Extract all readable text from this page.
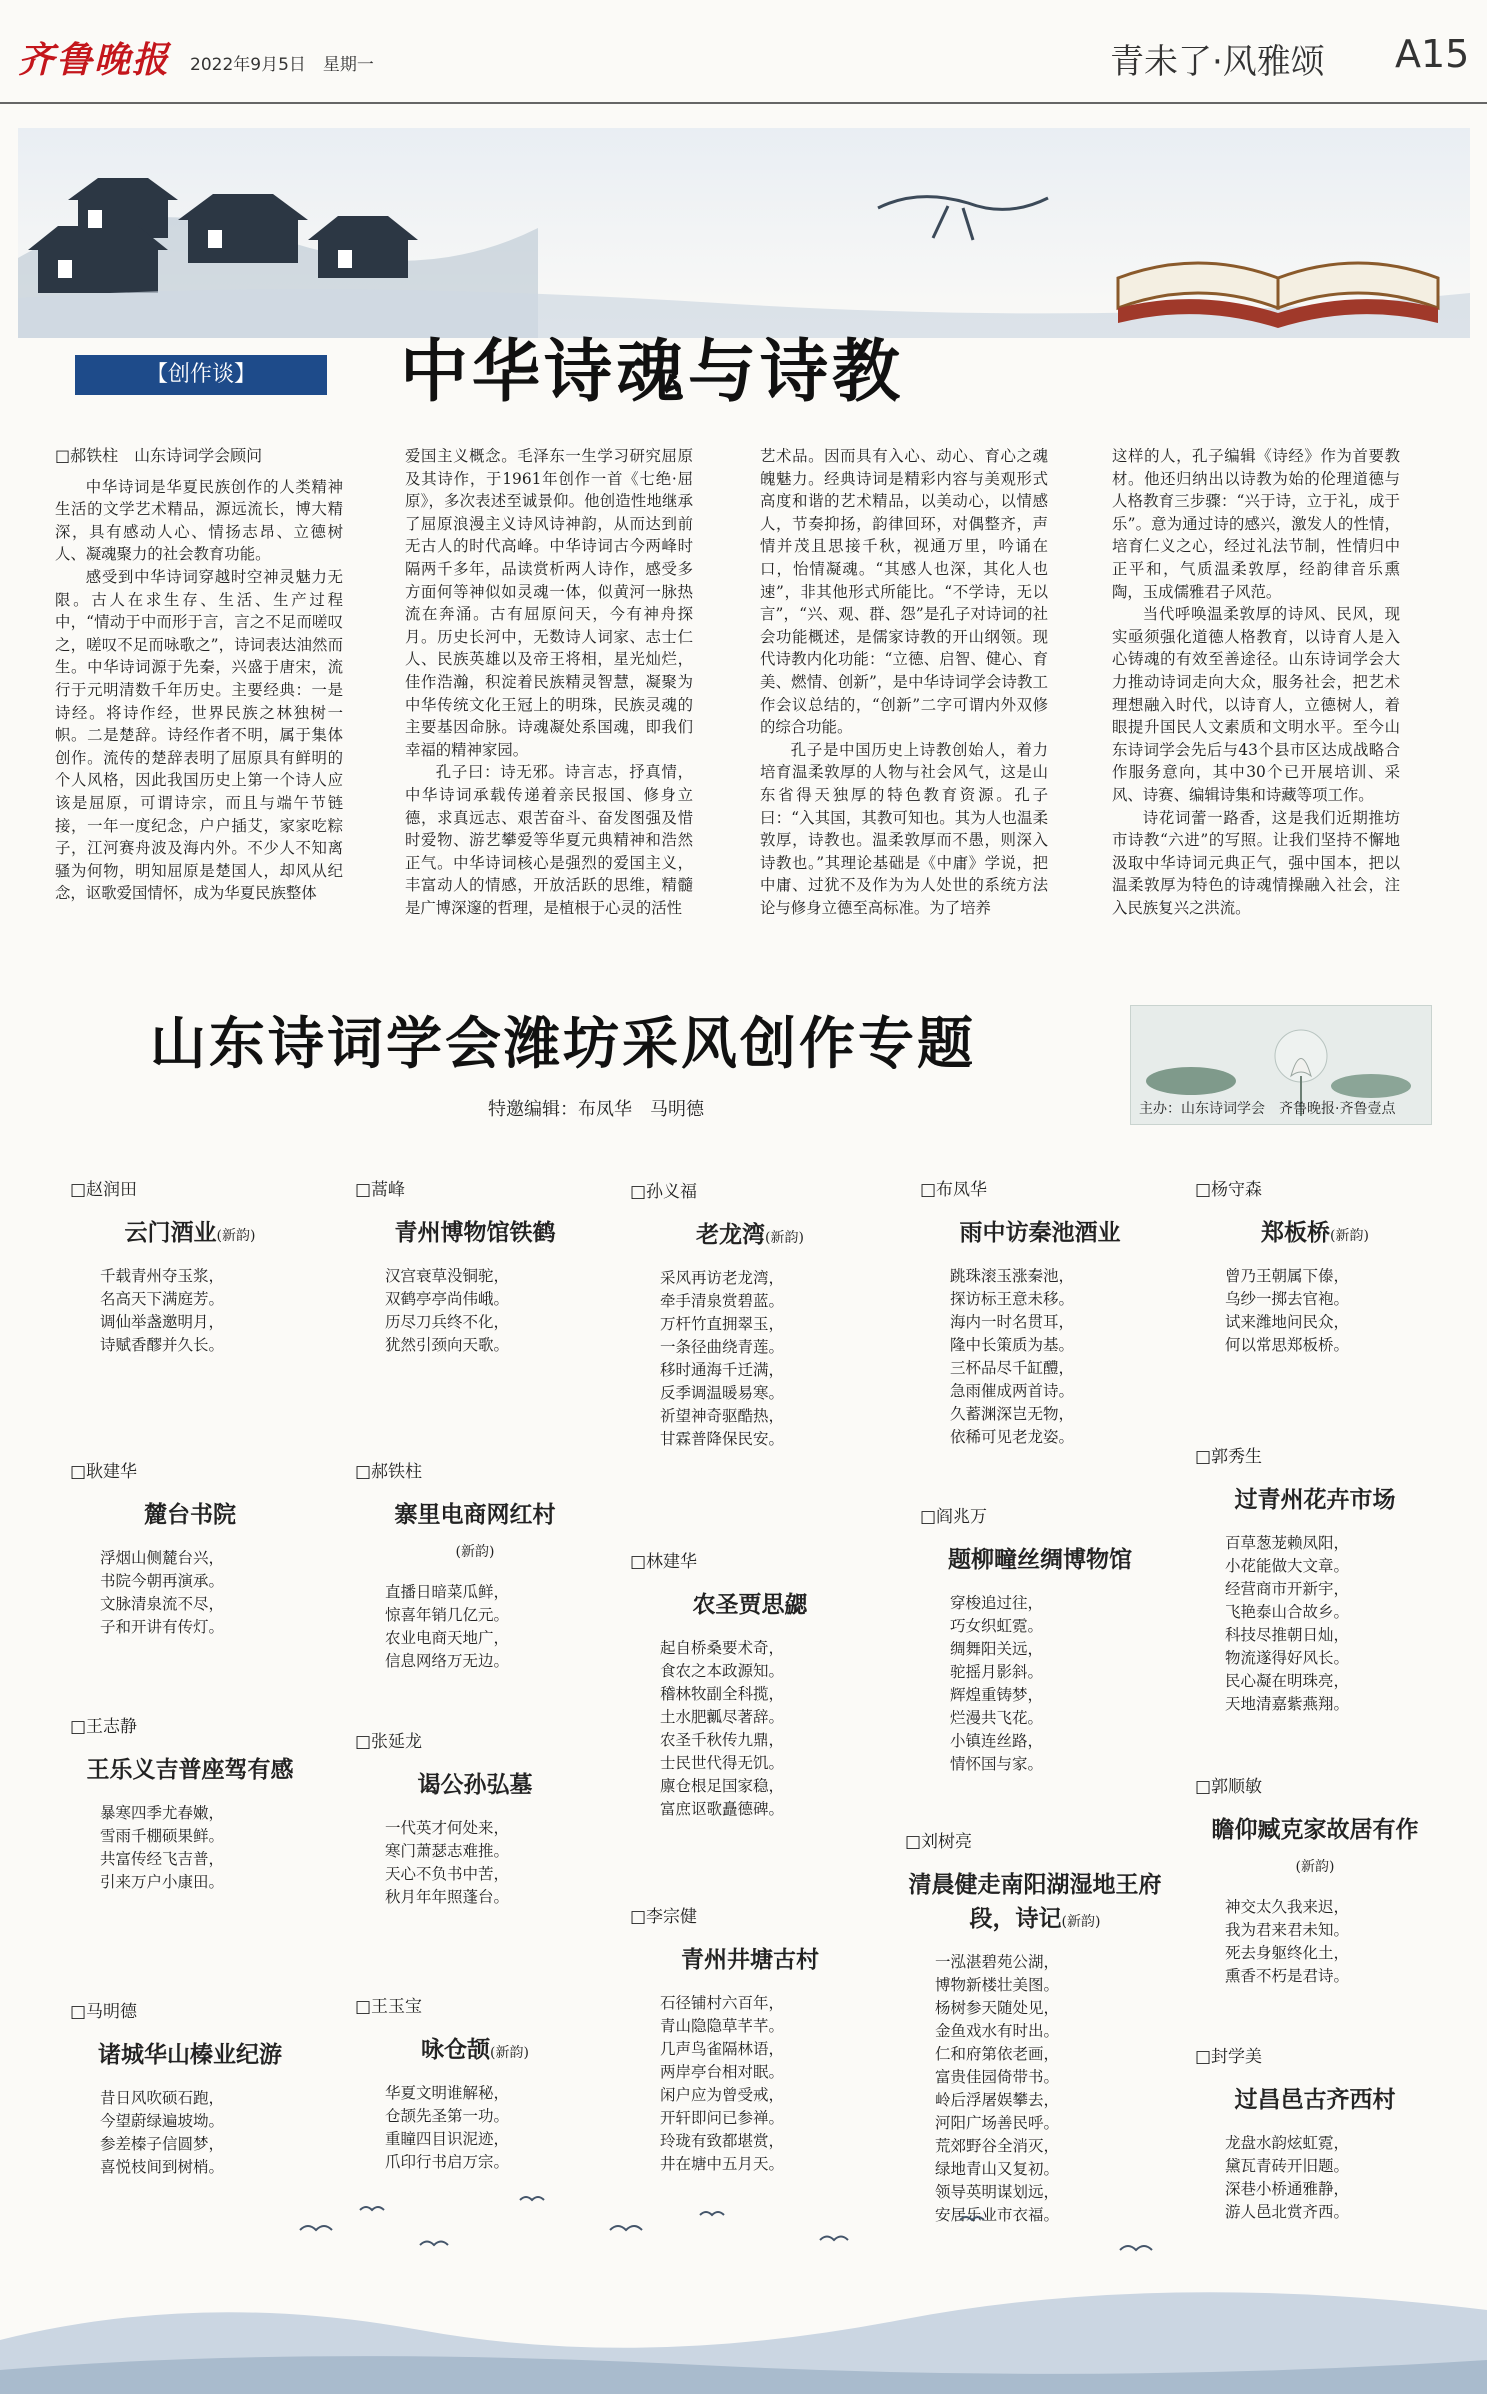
齐鲁晚报 2022年9月5日　 星期一	青未了·风雅颂 A15
【创作谈】	中华诗魂与诗教
□郝铁柱　山东诗词学会顾问

中华诗词是华夏民族创作的人类精神生活的文学艺术精品，源远流长，博大精深，具有感动人心、情扬志昂、立德树人、凝魂聚力的社会教育功能。

感受到中华诗词穿越时空神灵魅力无限。古人在求生存、生活、生产过程中，“情动于中而形于言，言之不足而嗟叹之，嗟叹不足而咏歌之”，诗词表达油然而生。中华诗词源于先秦，兴盛于唐宋，流行于元明清数千年历史。主要经典：一是诗经。将诗作经，世界民族之林独树一帜。二是楚辞。诗经作者不明，属于集体创作。流传的楚辞表明了屈原具有鲜明的个人风格，因此我国历史上第一个诗人应该是屈原，可谓诗宗，而且与端午节链接，一年一度纪念，户户插艾，家家吃粽子，江河赛舟波及海内外。不少人不知离骚为何物，明知屈原是楚国人，却风从纪念，讴歌爱国情怀，成为华夏民族整体

爱国主义概念。毛泽东一生学习研究屈原及其诗作，于1961年创作一首《七绝·屈原》，多次表述至诚景仰。他创造性地继承了屈原浪漫主义诗风诗神韵，从而达到前无古人的时代高峰。中华诗词古今两峰时隔两千多年，品读赏析两人诗作，感受多方面何等神似如灵魂一体，似黄河一脉热流在奔涌。古有屈原问天，今有神舟探月。历史长河中，无数诗人词家、志士仁人、民族英雄以及帝王将相，星光灿烂，佳作浩瀚，积淀着民族精灵智慧，凝聚为中华传统文化王冠上的明珠，民族灵魂的主要基因命脉。诗魂凝处系国魂，即我们幸福的精神家园。

孔子曰：诗无邪。诗言志，抒真情，中华诗词承载传递着亲民报国、修身立德，求真远志、艰苦奋斗、奋发图强及惜时爱物、游艺攀爱等华夏元典精神和浩然正气。中华诗词核心是强烈的爱国主义，丰富动人的情感，开放活跃的思维，精髓是广博深邃的哲理，是植根于心灵的活性

艺术品。因而具有入心、动心、育心之魂魄魅力。经典诗词是精彩内容与美观形式高度和谐的艺术精品，以美动心，以情感人，节奏抑扬，韵律回环，对偶整齐，声情并茂且思接千秋，视通万里，吟诵在口，怡情凝魂。“其感人也深，其化人也速”，非其他形式所能比。“不学诗，无以言”，“兴、观、群、怨”是孔子对诗词的社会功能概述，是儒家诗教的开山纲领。现代诗教内化功能：“立德、启智、健心、育美、燃情、创新”，是中华诗词学会诗教工作会议总结的，“创新”二字可谓内外双修的综合功能。

孔子是中国历史上诗教创始人，着力培育温柔敦厚的人物与社会风气，这是山东省得天独厚的特色教育资源。孔子曰：“入其国，其教可知也。其为人也温柔敦厚，诗教也。温柔敦厚而不愚，则深入诗教也。”其理论基础是《中庸》学说，把中庸、过犹不及作为为人处世的系统方法论与修身立德至高标准。为了培养

这样的人，孔子编辑《诗经》作为首要教材。他还归纳出以诗教为始的伦理道德与人格教育三步骤：“兴于诗，立于礼，成于乐”。意为通过诗的感兴，激发人的性情，培育仁义之心，经过礼法节制，性情归中正平和，气质温柔敦厚，经韵律音乐熏陶，玉成儒雅君子风范。

当代呼唤温柔敦厚的诗风、民风，现实亟须强化道德人格教育，以诗育人是入心铸魂的有效至善途径。山东诗词学会大力推动诗词走向大众，服务社会，把艺术理想融入时代，以诗育人，立德树人，着眼提升国民人文素质和文明水平。至今山东诗词学会先后与43个县市区达成战略合作服务意向，其中30个已开展培训、采风、诗赛、编辑诗集和诗藏等项工作。

诗花词蕾一路香，这是我们近期推坊市诗教“六进”的写照。让我们坚持不懈地汲取中华诗词元典正气，强中国本，把以温柔敦厚为特色的诗魂情操融入社会，注入民族复兴之洪流。

山东诗词学会潍坊采风创作专题
特邀编辑：布凤华　马明德	主办：山东诗词学会　齐鲁晚报·齐鲁壹点
□赵润田
云门酒业(新韵)
千载青州夺玉浆，
名高天下满庭芳。
调仙举盏邀明月，
诗赋香醪并久长。
□耿建华
麓台书院
浮烟山侧麓台兴，
书院今朝再演承。
文脉清泉流不尽，
子和开讲有传灯。
□王志静
王乐义吉普座驾有感
暴寒四季尤春嫩，
雪雨千棚硕果鲜。
共富传经飞吉普，
引来万户小康田。
□马明德
诸城华山榛业纪游
昔日风吹硕石跑，
今望蔚绿遍坡坳。
参差榛子信圆梦，
喜悦枝间到树梢。
□蒿峰
青州博物馆铁鹤
汉宫衰草没铜驼，
双鹤亭亭尚伟峨。
历尽刀兵终不化，
犹然引颈向天歌。
□郝铁柱
寨里电商网红村
(新韵)
直播日暗菜瓜鲜，
惊喜年销几亿元。
农业电商天地广，
信息网络万无边。
□张延龙
谒公孙弘墓
一代英才何处来，
寒门萧瑟志难推。
天心不负书中苦，
秋月年年照蓬台。
□王玉宝
咏仓颉(新韵)
华夏文明谁解秘，
仓颉先圣第一功。
重瞳四目识泥迹，
爪印行书启万宗。
□孙义福
老龙湾(新韵)
采风再访老龙湾，
牵手清泉赏碧蓝。
万杆竹直拥翠玉，
一条径曲绕青莲。
移时通海千迁满，
反季调温暖易寒。
祈望神奇驱酷热，
甘霖普降保民安。
□林建华
农圣贾思勰
起自桥桑要术奇，
食农之本政源知。
稽林牧副全科揽，
土水肥瓤尽著辞。
农圣千秋传九鼎，
士民世代得无饥。
廪仓根足国家稳，
富庶讴歌矗德碑。
□李宗健
青州井塘古村
石径铺村六百年，
青山隐隐草芊芊。
几声鸟雀隔林语，
两岸亭台相对眠。
闲户应为曾受戒，
开轩即问已参禅。
玲珑有致都堪赏，
井在塘中五月天。
□布凤华
雨中访秦池酒业
跳珠滚玉涨秦池，
探访标王意未移。
海内一时名贯耳，
隆中长策质为基。
三杯品尽千缸醴，
急雨催成两首诗。
久蓄渊深岂无物，
依稀可见老龙姿。
□阎兆万
题柳疃丝绸博物馆
穿梭追过往，
巧女织虹霓。
绸舞阳关远，
驼摇月影斜。
辉煌重铸梦，
烂漫共飞花。
小镇连丝路，
情怀国与家。
□刘树亮
清晨健走南阳湖湿地王府段，诗记(新韵)
一泓湛碧苑公湖，
博物新楼壮美图。
杨树参天随处见，
金鱼戏水有时出。
仁和府第依老画，
富贵佳园倚带书。
岭后浮屠娱攀去，
河阳广场善民呼。
荒郊野谷全消灭，
绿地青山又复初。
领导英明谋划远，
安居乐业市衣福。
□杨守森
郑板桥(新韵)
曾乃王朝属下傣，
乌纱一掷去官袍。
试来潍地问民众，
何以常思郑板桥。
□郭秀生
过青州花卉市场
百草葱茏赖凤阳，
小花能做大文章。
经营商市开新宇，
飞艳泰山合故乡。
科技尽推朝日灿，
物流遂得好风长。
民心凝在明珠亮，
天地清嘉紫燕翔。
□郭顺敏
瞻仰臧克家故居有作
(新韵)
神交太久我来迟，
我为君来君未知。
死去身躯终化土，
熏香不朽是君诗。
□封学美
过昌邑古齐西村
龙盘水韵炫虹霓，
黛瓦青砖开旧题。
深巷小桥通雅静，
游人邑北赏齐西。
